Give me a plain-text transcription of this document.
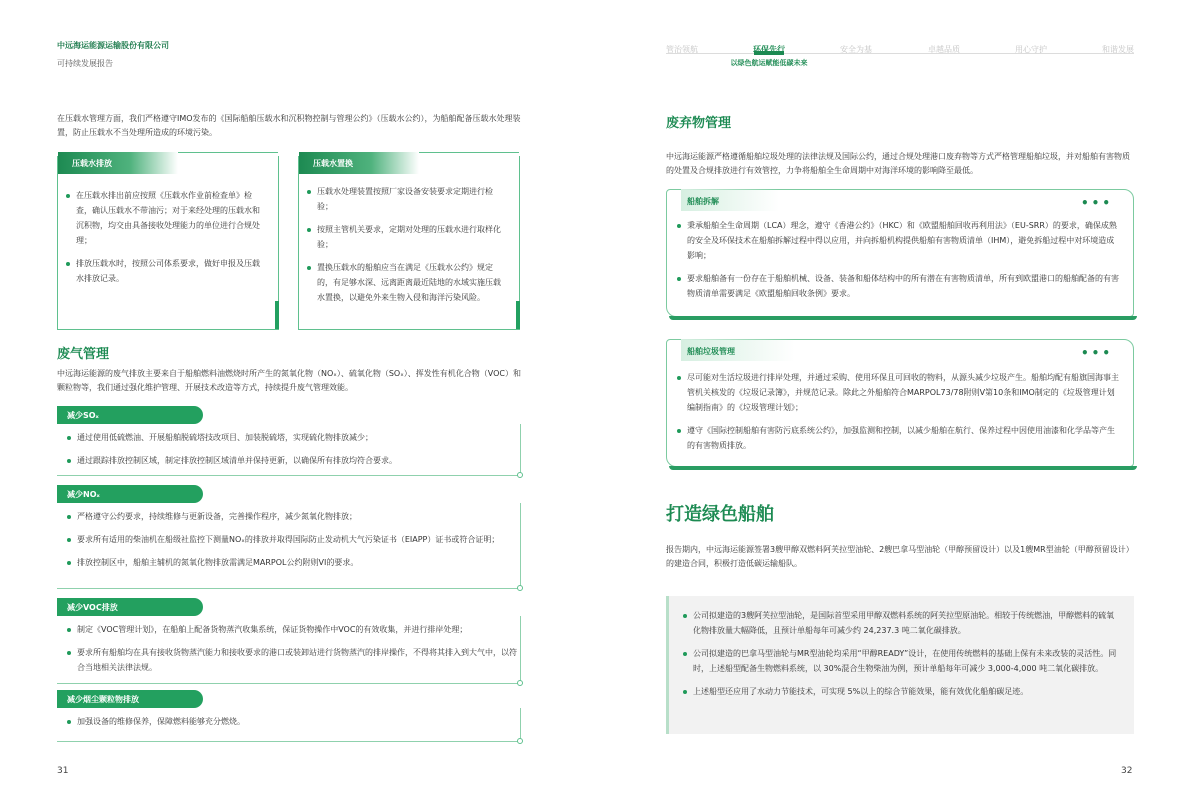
中远海运能源运输股份有限公司
可持续发展报告
在压载水管理方面，我们严格遵守IMO发布的《国际船舶压载水和沉积物控制与管理公约》（压载水公约），为船舶配备压载水处理装置，防止压载水不当处理所造成的环境污染。
压载水排放
在压载水排出前应按照《压载水作业前检查单》检查，确认压载水不带油污；对于来经处理的压载水和沉积物，均交由具备接收处理能力的单位进行合规处理；
排放压载水时，按照公司体系要求，做好申报及压载水排放记录。
压载水置换
压载水处理装置按照厂家设备安装要求定期进行检验；
按照主管机关要求，定期对处理的压载水进行取样化验；
置换压载水的船舶应当在满足《压载水公约》规定的，有足够水深、远离距离最近陆地的水域实施压载水置换，以避免外来生物入侵和海洋污染风险。
废气管理
中远海运能源的废气排放主要来自于船舶燃料油燃烧时所产生的氮氧化物（NOₓ）、硫氧化物（SOₓ）、挥发性有机化合物（VOC）和颗粒物等，我们通过强化维护管理、开展技术改造等方式，持续提升废气管理效能。
减少SOₓ
通过使用低硫燃油、开展船舶脱硫塔技改项目、加装脱硫塔，实现硫化物排放减少；
通过跟踪排放控制区域，制定排放控制区域清单并保持更新，以确保所有排放均符合要求。
减少NOₓ
严格遵守公约要求，持续维修与更新设备，完善操作程序，减少氮氧化物排放；
要求所有适用的柴油机在船级社监控下测量NOₓ的排放并取得国际防止发动机大气污染证书（EIAPP）证书或符合证明；
排放控制区中，船舶主辅机的氮氧化物排放需满足MARPOL公约附则VI的要求。
减少VOC排放
制定《VOC管理计划》，在船舶上配备货物蒸汽收集系统，保证货物操作中VOC的有效收集，并进行排岸处理；
要求所有船舶均在具有接收货物蒸汽能力和接收要求的港口或装卸站进行货物蒸汽的排岸操作，不得将其排入到大气中，以符合当地相关法律法规。
减少烟尘颗粒物排放
加强设备的维修保养，保障燃料能够充分燃烧。
31
管治领航	环保先行	安全为基	卓越品质	用心守护	和谐发展
以绿色航运赋能低碳未来
废弃物管理
中远海运能源严格遵循船舶垃圾处理的法律法规及国际公约，通过合规处理港口废弃物等方式严格管理船舶垃圾，并对船舶有害物质的处置及合规排放进行有效管控，力争将船舶全生命周期中对海洋环境的影响降至最低。
船舶拆解	•••
秉承船舶全生命周期（LCA）理念，遵守《香港公约》（HKC）和《欧盟船舶回收再利用法》（EU-SRR）的要求，确保成熟的安全及环保技术在船舶拆解过程中得以应用，并向拆船机构提供船舶有害物质清单（IHM），避免拆船过程中对环境造成影响；
要求船舶备有一份存在于船舶机械、设备、装备和船体结构中的所有潜在有害物质清单，所有到欧盟港口的船舶配备的有害物质清单需要满足《欧盟船舶回收条例》要求。
船舶垃圾管理	•••
尽可能对生活垃圾进行排岸处理，并通过采购、使用环保且可回收的物料，从源头减少垃圾产生。船舶均配有船旗国海事主管机关核发的《垃圾记录簿》，并规范记录。除此之外船舶符合MARPOL73/78附则V第10条和IMO制定的《垃圾管理计划编制指南》的《垃圾管理计划》；
遵守《国际控制船舶有害防污底系统公约》，加强监测和控制，以减少船舶在航行、保养过程中因使用油漆和化学品等产生的有害物质排放。
打造绿色船舶
报告期内，中远海运能源签署3艘甲醇双燃料阿芙拉型油轮、2艘巴拿马型油轮（甲醇预留设计）以及1艘MR型油轮（甲醇预留设计）的建造合同，积极打造低碳运输船队。
公司拟建造的3艘阿芙拉型油轮，是国际首型采用甲醇双燃料系统的阿芙拉型原油轮。相较于传统燃油，甲醇燃料的硫氧化物排放量大幅降低，且预计单船每年可减少约 24,237.3 吨二氧化碳排放。
公司拟建造的巴拿马型油轮与MR型油轮均采用“甲醇READY”设计，在使用传统燃料的基础上保有未来改装的灵活性。同时，上述船型配备生物燃料系统，以 30%混合生物柴油为例，预计单船每年可减少 3,000-4,000 吨二氧化碳排放。
上述船型还应用了水动力节能技术，可实现 5%以上的综合节能效果，能有效优化船舶碳足迹。
32
